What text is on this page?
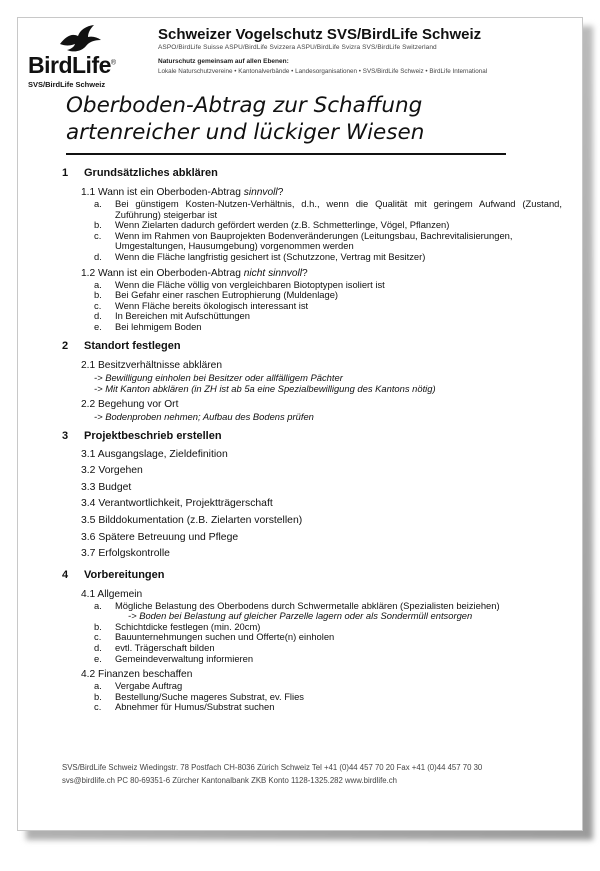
BirdLife®
SVS/BirdLife Schweiz
Schweizer Vogelschutz SVS/BirdLife Schweiz
ASPO/BirdLife Suisse ASPU/BirdLife Svizzera ASPU/BirdLife Svizra SVS/BirdLife Switzerland
Naturschutz gemeinsam auf allen Ebenen:
Lokale Naturschutzvereine • Kantonalverbände • Landesorganisationen • SVS/BirdLife Schweiz • BirdLife International
Oberboden-Abtrag zur Schaffung
artenreicher und lückiger Wiesen
1	Grundsätzliches abklären
1.1 Wann ist ein Oberboden-Abtrag sinnvoll?
a.	Bei günstigem Kosten-Nutzen-Verhältnis, d.h., wenn die Qualität mit geringem Aufwand (Zustand, Zuführung) steigerbar ist
b.	Wenn Zielarten dadurch gefördert werden (z.B. Schmetterlinge, Vögel, Pflanzen)
c.	Wenn im Rahmen von Bauprojekten Bodenveränderungen (Leitungsbau, Bachrevitalisierungen, Umgestaltungen, Hausumgebung) vorgenommen werden
d.	Wenn die Fläche langfristig gesichert ist (Schutzzone, Vertrag mit Besitzer)
1.2 Wann ist ein Oberboden-Abtrag nicht sinnvoll?
a.	Wenn die Fläche völlig von vergleichbaren Biotoptypen isoliert ist
b.	Bei Gefahr einer raschen Eutrophierung (Muldenlage)
c.	Wenn Fläche bereits ökologisch interessant ist
d.	In Bereichen mit Aufschüttungen
e.	Bei lehmigem Boden
2	Standort festlegen
2.1 Besitzverhältnisse abklären
-> Bewilligung einholen bei Besitzer oder allfälligem Pächter
-> Mit Kanton abklären (in ZH ist ab 5a eine Spezialbewilligung des Kantons nötig)
2.2 Begehung vor Ort
-> Bodenproben nehmen; Aufbau des Bodens prüfen
3	Projektbeschrieb erstellen
3.1 Ausgangslage, Zieldefinition
3.2 Vorgehen
3.3 Budget
3.4 Verantwortlichkeit, Projektträgerschaft
3.5 Bilddokumentation (z.B. Zielarten vorstellen)
3.6 Spätere Betreuung und Pflege
3.7 Erfolgskontrolle
4	Vorbereitungen
4.1 Allgemein
a.	Mögliche Belastung des Oberbodens durch Schwermetalle abklären (Spezialisten beiziehen)
-> Boden bei Belastung auf gleicher Parzelle lagern oder als Sondermüll entsorgen
b.	Schichtdicke festlegen (min. 20cm)
c.	Bauunternehmungen suchen und Offerte(n) einholen
d.	evtl. Trägerschaft bilden
e.	Gemeindeverwaltung informieren
4.2 Finanzen beschaffen
a.	Vergabe Auftrag
b.	Bestellung/Suche mageres Substrat, ev. Flies
c.	Abnehmer für Humus/Substrat suchen
SVS/BirdLife Schweiz Wiedingstr. 78 Postfach CH-8036 Zürich Schweiz Tel +41 (0)44 457 70 20 Fax +41 (0)44 457 70 30
svs@birdlife.ch PC 80-69351-6 Zürcher Kantonalbank ZKB Konto 1128-1325.282 www.birdlife.ch
